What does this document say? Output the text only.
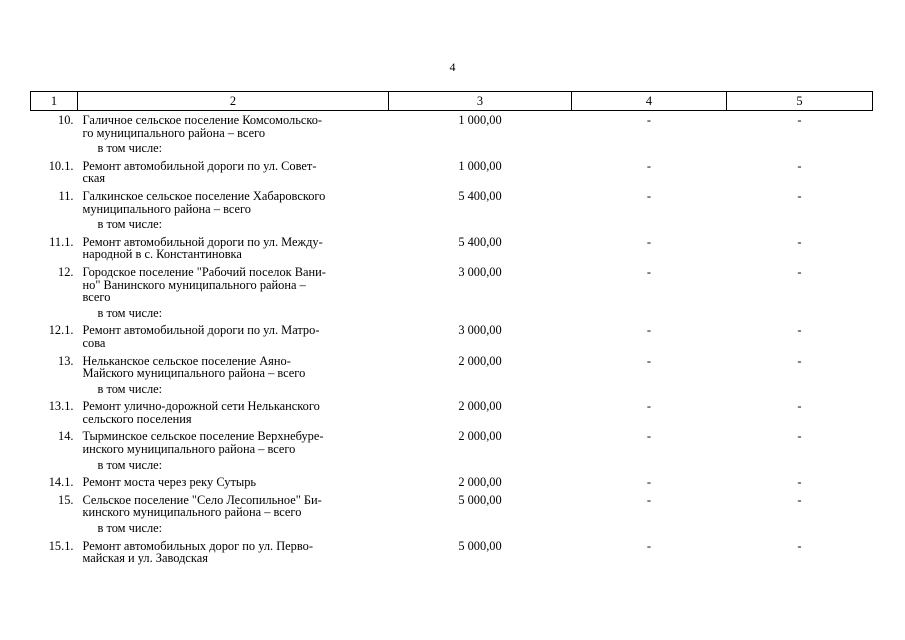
4
1	2	3	4	5
10.	Галичное сельское поселение Комсомольско-
го муниципального района – всего	1 000,00	-	-
	в том числе:			
10.1.	Ремонт автомобильной дороги по ул. Совет-
ская	1 000,00	-	-
11.	Галкинское сельское поселение Хабаровского
муниципального района – всего	5 400,00	-	-
	в том числе:			
11.1.	Ремонт автомобильной дороги по ул. Между-
народной в с. Константиновка	5 400,00	-	-
12.	Городское поселение "Рабочий поселок Вани-
но" Ванинского муниципального района –
всего	3 000,00	-	-
	в том числе:			
12.1.	Ремонт автомобильной дороги по ул. Матро-
сова	3 000,00	-	-
13.	Нельканское сельское поселение Аяно-
Майского муниципального района – всего	2 000,00	-	-
	в том числе:			
13.1.	Ремонт улично-дорожной сети Нельканского
сельского поселения	2 000,00	-	-
14.	Тырминское сельское поселение Верхнебуре-
инского муниципального района – всего	2 000,00	-	-
	в том числе:			
14.1.	Ремонт моста через реку Сутырь	2 000,00	-	-
15.	Сельское поселение "Село Лесопильное" Би-
кинского муниципального района – всего	5 000,00	-	-
	в том числе:			
15.1.	Ремонт автомобильных дорог по ул. Перво-
майская и ул. Заводская	5 000,00	-	-
